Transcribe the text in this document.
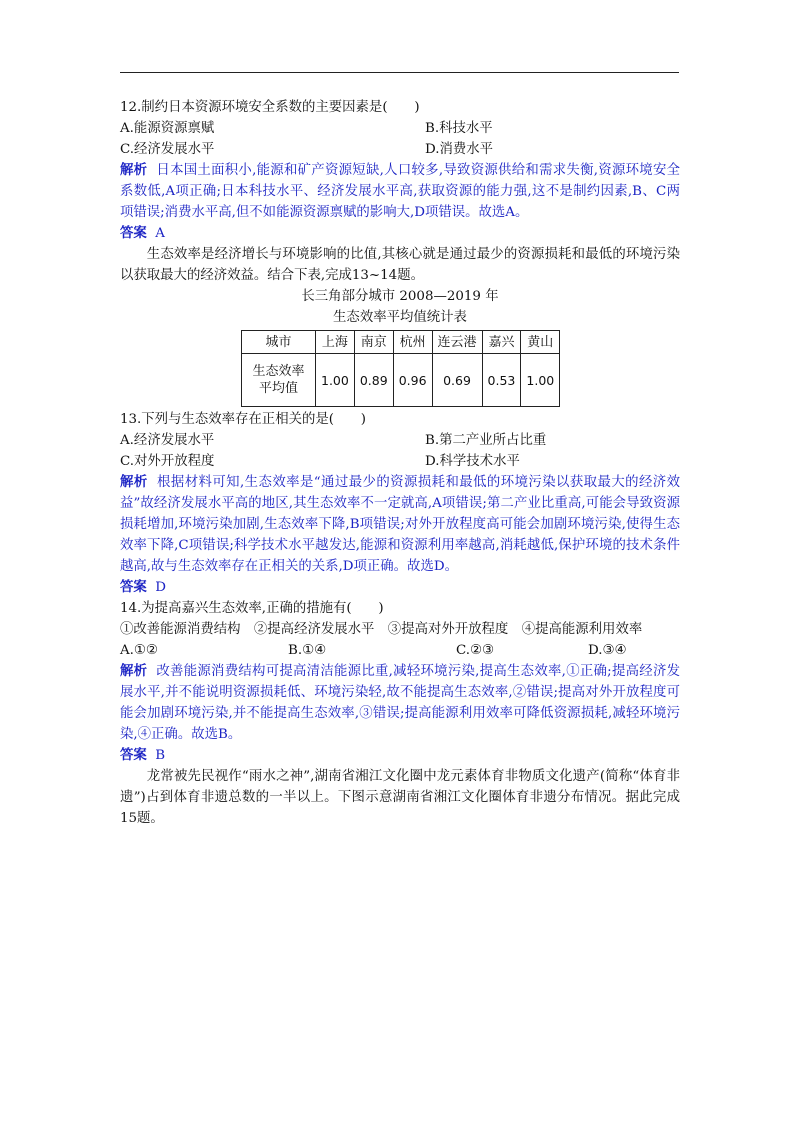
12.制约日本资源环境安全系数的主要因素是(　　)
A.能源资源禀赋	B.科技水平
C.经济发展水平	D.消费水平
解析 日本国土面积小,能源和矿产资源短缺,人口较多,导致资源供给和需求失衡,资源环境安全系数低,A项正确;日本科技水平、经济发展水平高,获取资源的能力强,这不是制约因素,B、C两项错误;消费水平高,但不如能源资源禀赋的影响大,D项错误。故选A。
答案 A
生态效率是经济增长与环境影响的比值,其核心就是通过最少的资源损耗和最低的环境污染以获取最大的经济效益。结合下表,完成13~14题。
长三角部分城市 2008—2019 年
生态效率平均值统计表
城市	上海	南京	杭州	连云港	嘉兴	黄山
生态效率平均值	1.00	0.89	0.96	0.69	0.53	1.00
13.下列与生态效率存在正相关的是(　　)
A.经济发展水平	B.第二产业所占比重
C.对外开放程度	D.科学技术水平
解析 根据材料可知,生态效率是“通过最少的资源损耗和最低的环境污染以获取最大的经济效益”故经济发展水平高的地区,其生态效率不一定就高,A项错误;第二产业比重高,可能会导致资源损耗增加,环境污染加剧,生态效率下降,B项错误;对外开放程度高可能会加剧环境污染,使得生态效率下降,C项错误;科学技术水平越发达,能源和资源利用率越高,消耗越低,保护环境的技术条件越高,故与生态效率存在正相关的关系,D项正确。故选D。
答案 D
14.为提高嘉兴生态效率,正确的措施有(　　)
①改善能源消费结构　②提高经济发展水平　③提高对外开放程度　④提高能源利用效率
A.①②	B.①④	C.②③	D.③④
解析 改善能源消费结构可提高清洁能源比重,减轻环境污染,提高生态效率,①正确;提高经济发展水平,并不能说明资源损耗低、环境污染轻,故不能提高生态效率,②错误;提高对外开放程度可能会加剧环境污染,并不能提高生态效率,③错误;提高能源利用效率可降低资源损耗,减轻环境污染,④正确。故选B。
答案 B
龙常被先民视作“雨水之神”,湖南省湘江文化圈中龙元素体育非物质文化遗产(简称“体育非遗”)占到体育非遗总数的一半以上。下图示意湖南省湘江文化圈体育非遗分布情况。据此完成15题。
